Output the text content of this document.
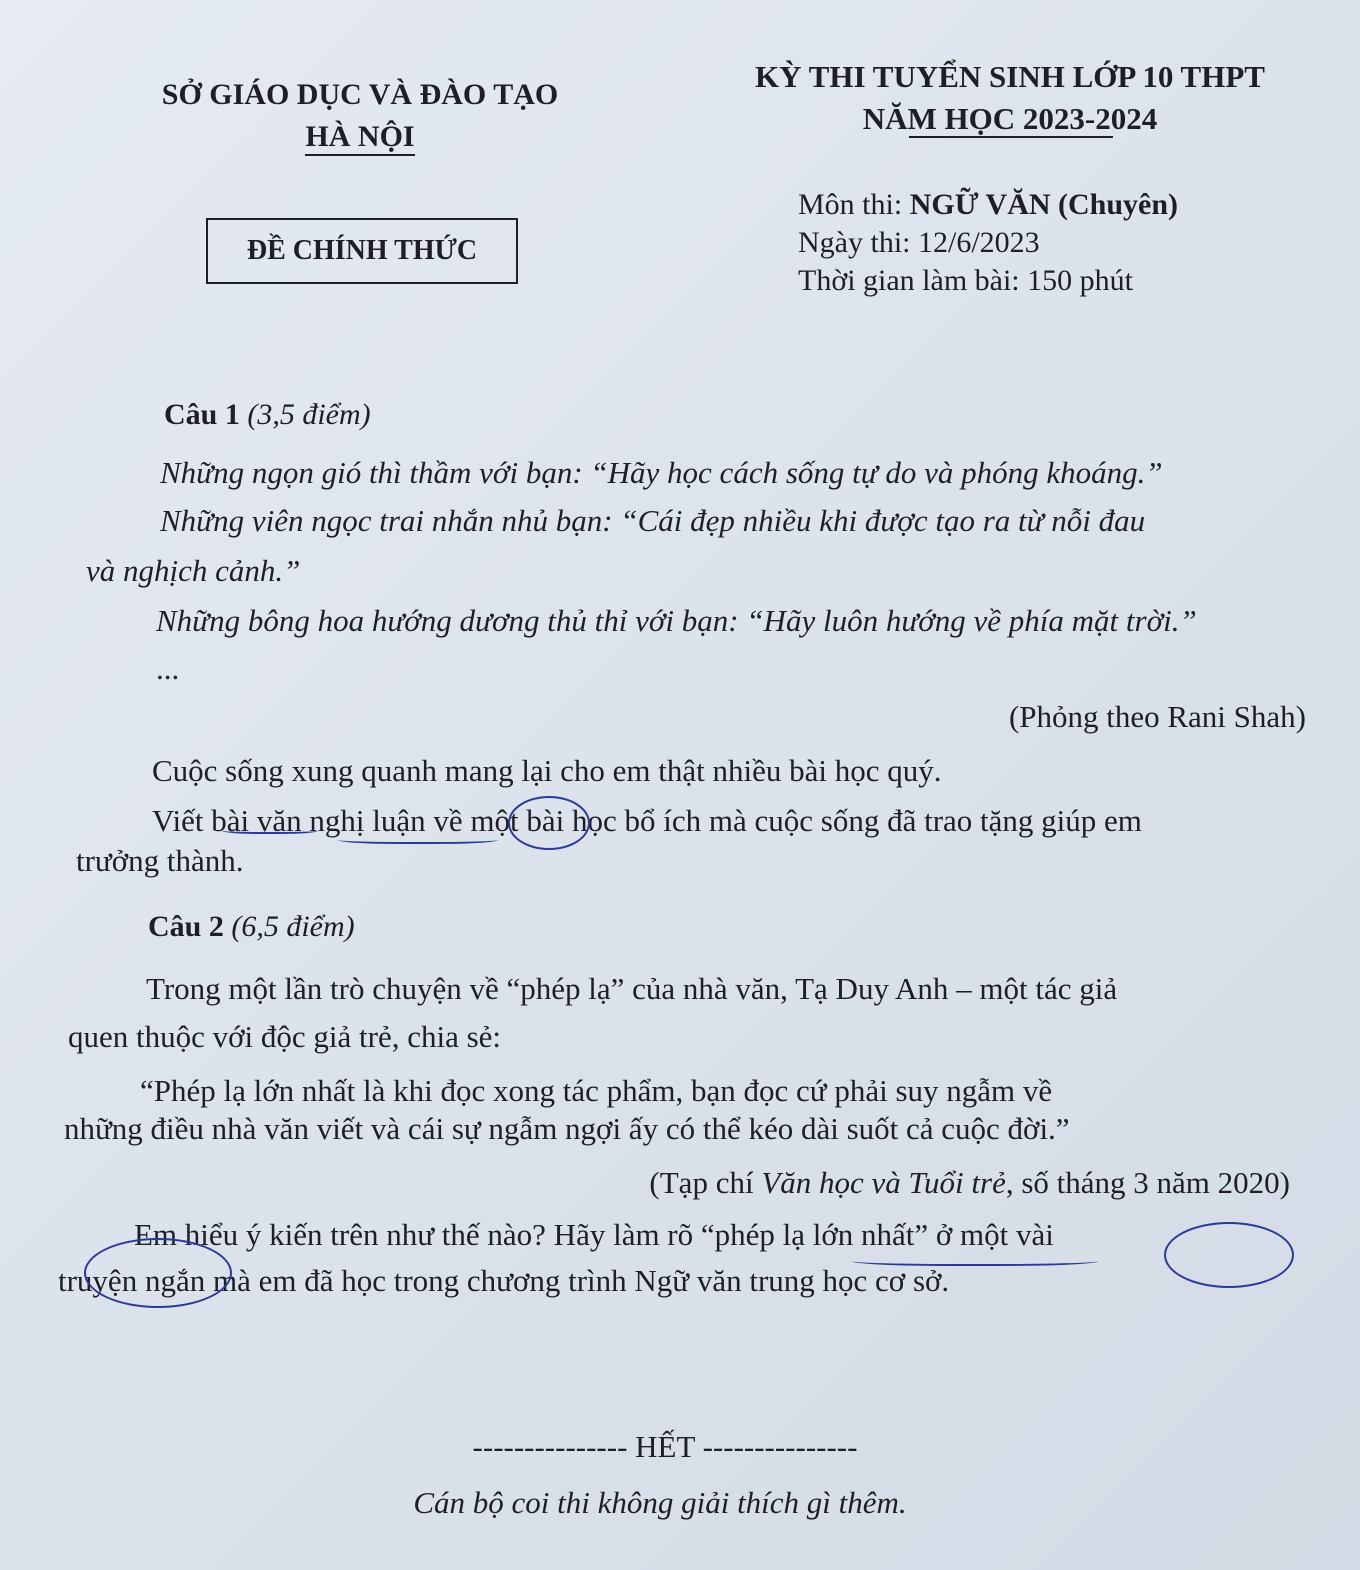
SỞ GIÁO DỤC VÀ ĐÀO TẠO
HÀ NỘI
ĐỀ CHÍNH THỨC
KỲ THI TUYỂN SINH LỚP 10 THPT
NĂM HỌC 2023-2024
Môn thi: NGỮ VĂN (Chuyên)
Ngày thi: 12/6/2023
Thời gian làm bài: 150 phút
Câu 1 (3,5 điểm)
Những ngọn gió thì thầm với bạn: “Hãy học cách sống tự do và phóng khoáng.”
Những viên ngọc trai nhắn nhủ bạn: “Cái đẹp nhiều khi được tạo ra từ nỗi đau
và nghịch cảnh.”
Những bông hoa hướng dương thủ thỉ với bạn: “Hãy luôn hướng về phía mặt trời.”
...
(Phỏng theo Rani Shah)
Cuộc sống xung quanh mang lại cho em thật nhiều bài học quý.
Viết bài văn nghị luận về một bài học bổ ích mà cuộc sống đã trao tặng giúp em
trưởng thành.
Câu 2 (6,5 điểm)
Trong một lần trò chuyện về “phép lạ” của nhà văn, Tạ Duy Anh – một tác giả
quen thuộc với độc giả trẻ, chia sẻ:
“Phép lạ lớn nhất là khi đọc xong tác phẩm, bạn đọc cứ phải suy ngẫm về
những điều nhà văn viết và cái sự ngẫm ngợi ấy có thể kéo dài suốt cả cuộc đời.”
(Tạp chí Văn học và Tuổi trẻ, số tháng 3 năm 2020)
Em hiểu ý kiến trên như thế nào? Hãy làm rõ “phép lạ lớn nhất” ở một vài
truyện ngắn mà em đã học trong chương trình Ngữ văn trung học cơ sở.
--------------- HẾT ---------------
Cán bộ coi thi không giải thích gì thêm.
